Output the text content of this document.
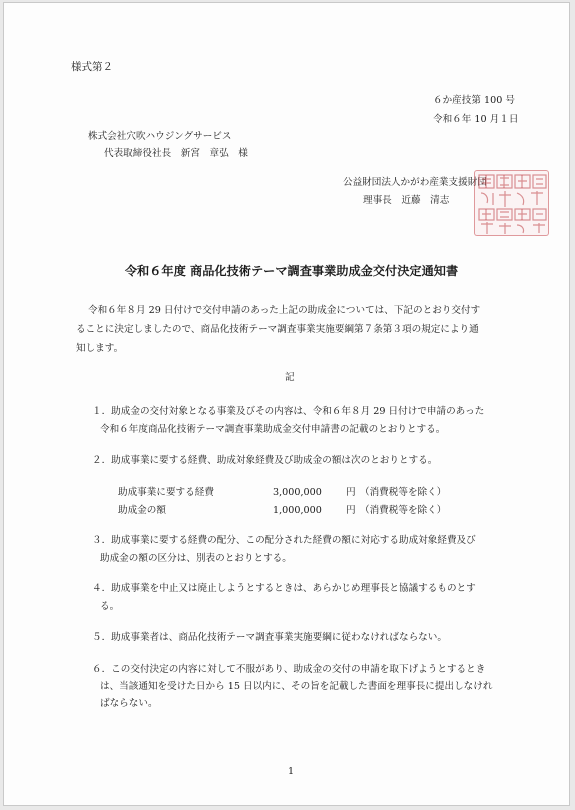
様式第２
６か産技第 100 号
令和６年 10 月１日
株式会社穴吹ハウジングサービス
代表取締役社長　新宮　章弘　様
公益財団法人かがわ産業支援財団
理事長　近藤　清志
令和６年度 商品化技術テーマ調査事業助成金交付決定通知書
令和６年８月 29 日付けで交付申請のあった上記の助成金については、下記のとおり交付す
ることに決定しましたので、商品化技術テーマ調査事業実施要綱第７条第３項の規定により通
知します。
記
１．助成金の交付対象となる事業及びその内容は、令和６年８月 29 日付けで申請のあった
令和６年度商品化技術テーマ調査事業助成金交付申請書の記載のとおりとする。
２．助成事業に要する経費、助成対象経費及び助成金の額は次のとおりとする。
助成事業に要する経費	3,000,000	円 （消費税等を除く）
助成金の額	1,000,000	円 （消費税等を除く）
３．助成事業に要する経費の配分、この配分された経費の額に対応する助成対象経費及び
助成金の額の区分は、別表のとおりとする。
４．助成事業を中止又は廃止しようとするときは、あらかじめ理事長と協議するものとす
る。
５．助成事業者は、商品化技術テーマ調査事業実施要綱に従わなければならない。
６．この交付決定の内容に対して不服があり、助成金の交付の申請を取下げようとするとき
は、当該通知を受けた日から 15 日以内に、その旨を記載した書面を理事長に提出しなけれ
ばならない。
1
